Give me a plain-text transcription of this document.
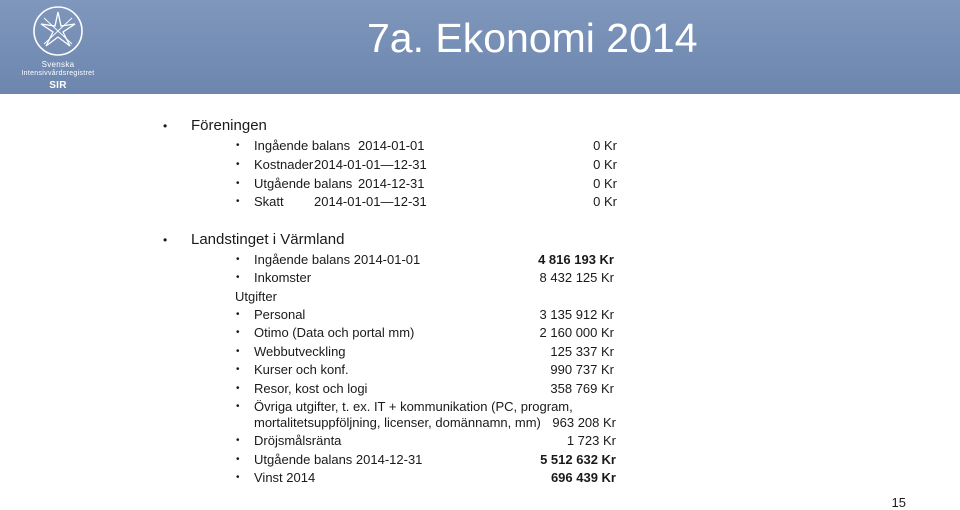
Svenska
Intensivvårdsregistret
SIR
7a. Ekonomi 2014
• Föreningen
• Ingående balans 2014-01-01	0 Kr
• Kostnader 2014-01-01—12-31	0 Kr
• Utgående balans 2014-12-31	0 Kr
• Skatt 2014-01-01—12-31	0 Kr
• Landstinget i Värmland
• Ingående balans 2014-01-01	4 816 193 Kr
• Inkomster	8 432 125 Kr
Utgifter
• Personal	3 135 912 Kr
• Otimo (Data och portal mm)	2 160 000 Kr
• Webbutveckling	125 337 Kr
• Kurser och konf.	990 737 Kr
• Resor, kost och logi	358 769 Kr
• Övriga utgifter, t. ex. IT + kommunikation (PC, program,
mortalitetsuppföljning, licenser, domännamn, mm) 963 208 Kr
• Dröjsmålsränta	1 723 Kr
• Utgående balans 2014-12-31	5 512 632 Kr
• Vinst 2014	696 439 Kr
15
